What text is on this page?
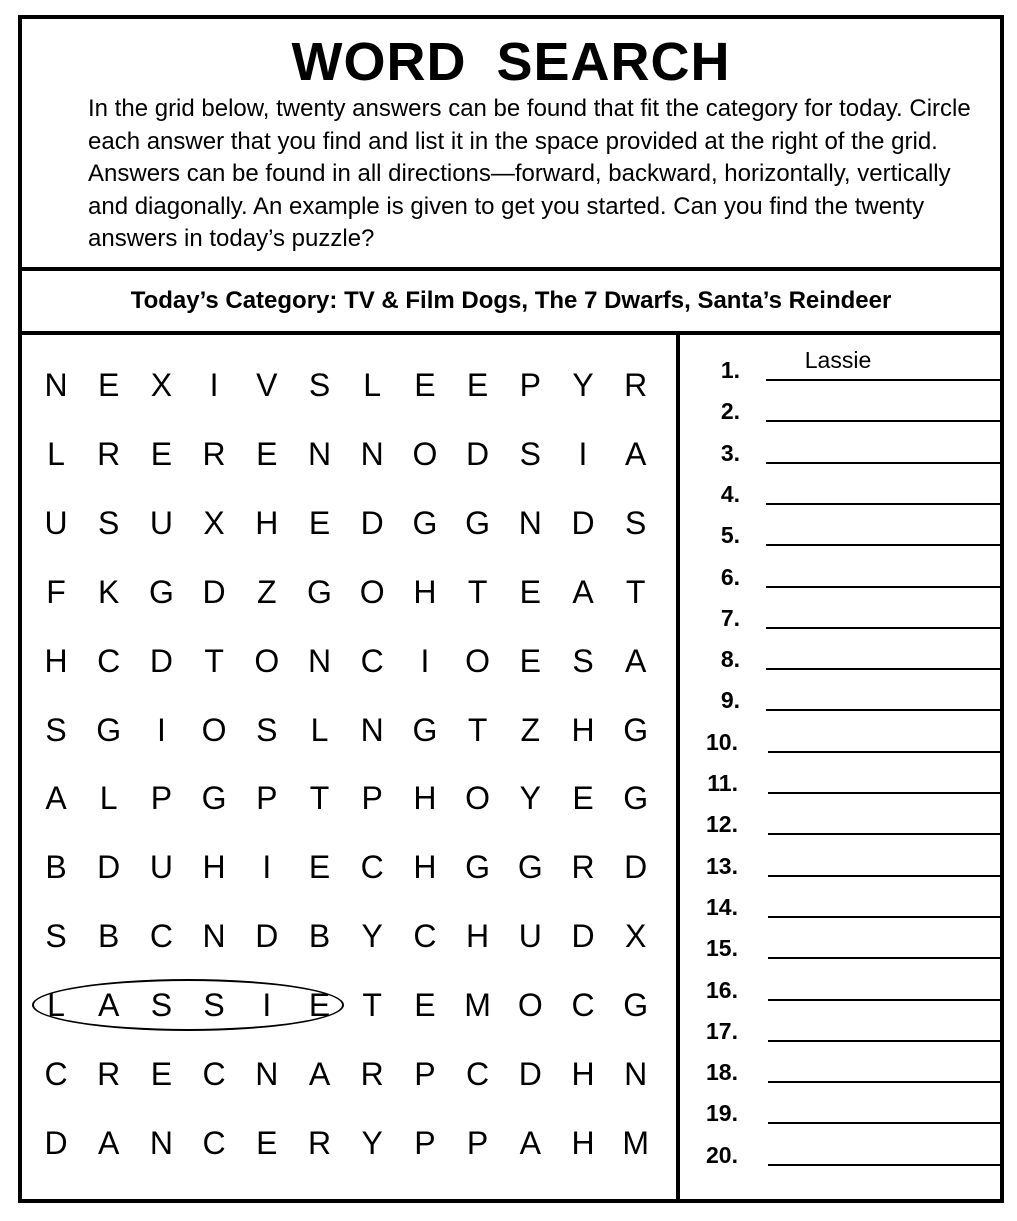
WORD SEARCH
In the grid below, twenty answers can be found that fit the category for today. Circle each answer that you find and list it in the space provided at the right of the grid. Answers can be found in all directions—forward, backward, horizontally, vertically and diagonally. An example is given to get you started. Can you find the twenty answers in today’s puzzle?
Today’s Category: TV & Film Dogs, The 7 Dwarfs, Santa’s Reindeer
N E X	I	V S	L	E E P Y R
L	R E R E N N O D S	I	A
U S U X H E D G G N D S
F	K G D Z G O H T	E A	T
H C D T O N C	I	O E S A
S G	I	O S	L	N G T	Z H G
A	L	P G P	T	P H O Y E G
B D U H	I	E C H G G R D
S B C N D B Y C H U D X
L	A S S	I	E	T	E M O C G
C R E C N A R P C D H N
D A N C E R Y P P A H M
1.	Lassie
2.
3.
4.
5.
6.
7.
8.
9.
10.
11.
12.
13.
14.
15.
16.
17.
18.
19.
20.
